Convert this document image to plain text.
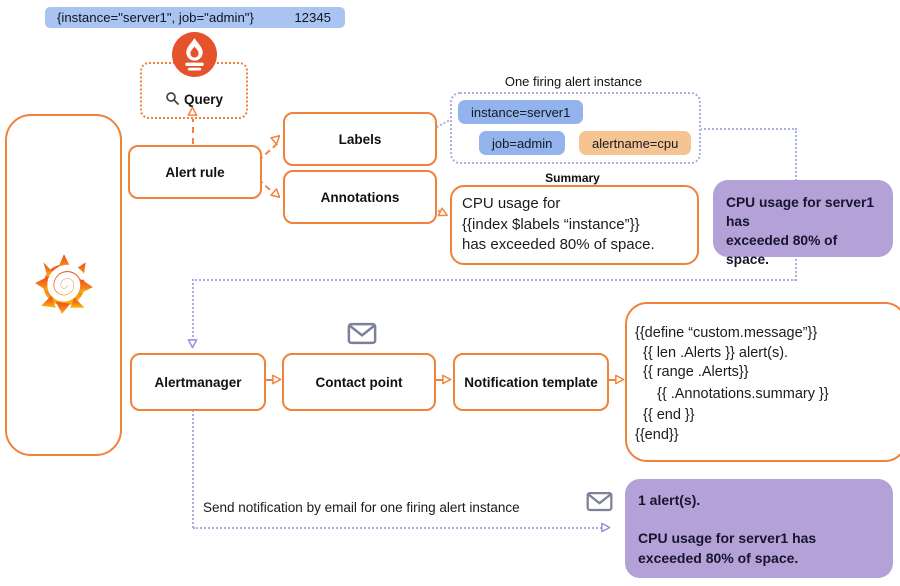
{instance="server1", job="admin"}	12345
Query
Alert rule
Labels
Annotations
Alertmanager	Contact point	Notification template
One firing alert instance
instance=server1
job=admin	alertname=cpu
Summary
CPU usage for
{{index $labels “instance”}}
has exceeded 80% of space.
CPU usage for server1 has
exceeded 80% of space.
{{define “custom.message”}}
{{ len .Alerts }} alert(s).
{{ range .Alerts}}
{{ .Annotations.summary }}
{{ end }}
{{end}}
Send notification by email for one firing alert instance	1 alert(s).
CPU usage for server1 has
exceeded 80% of space.
